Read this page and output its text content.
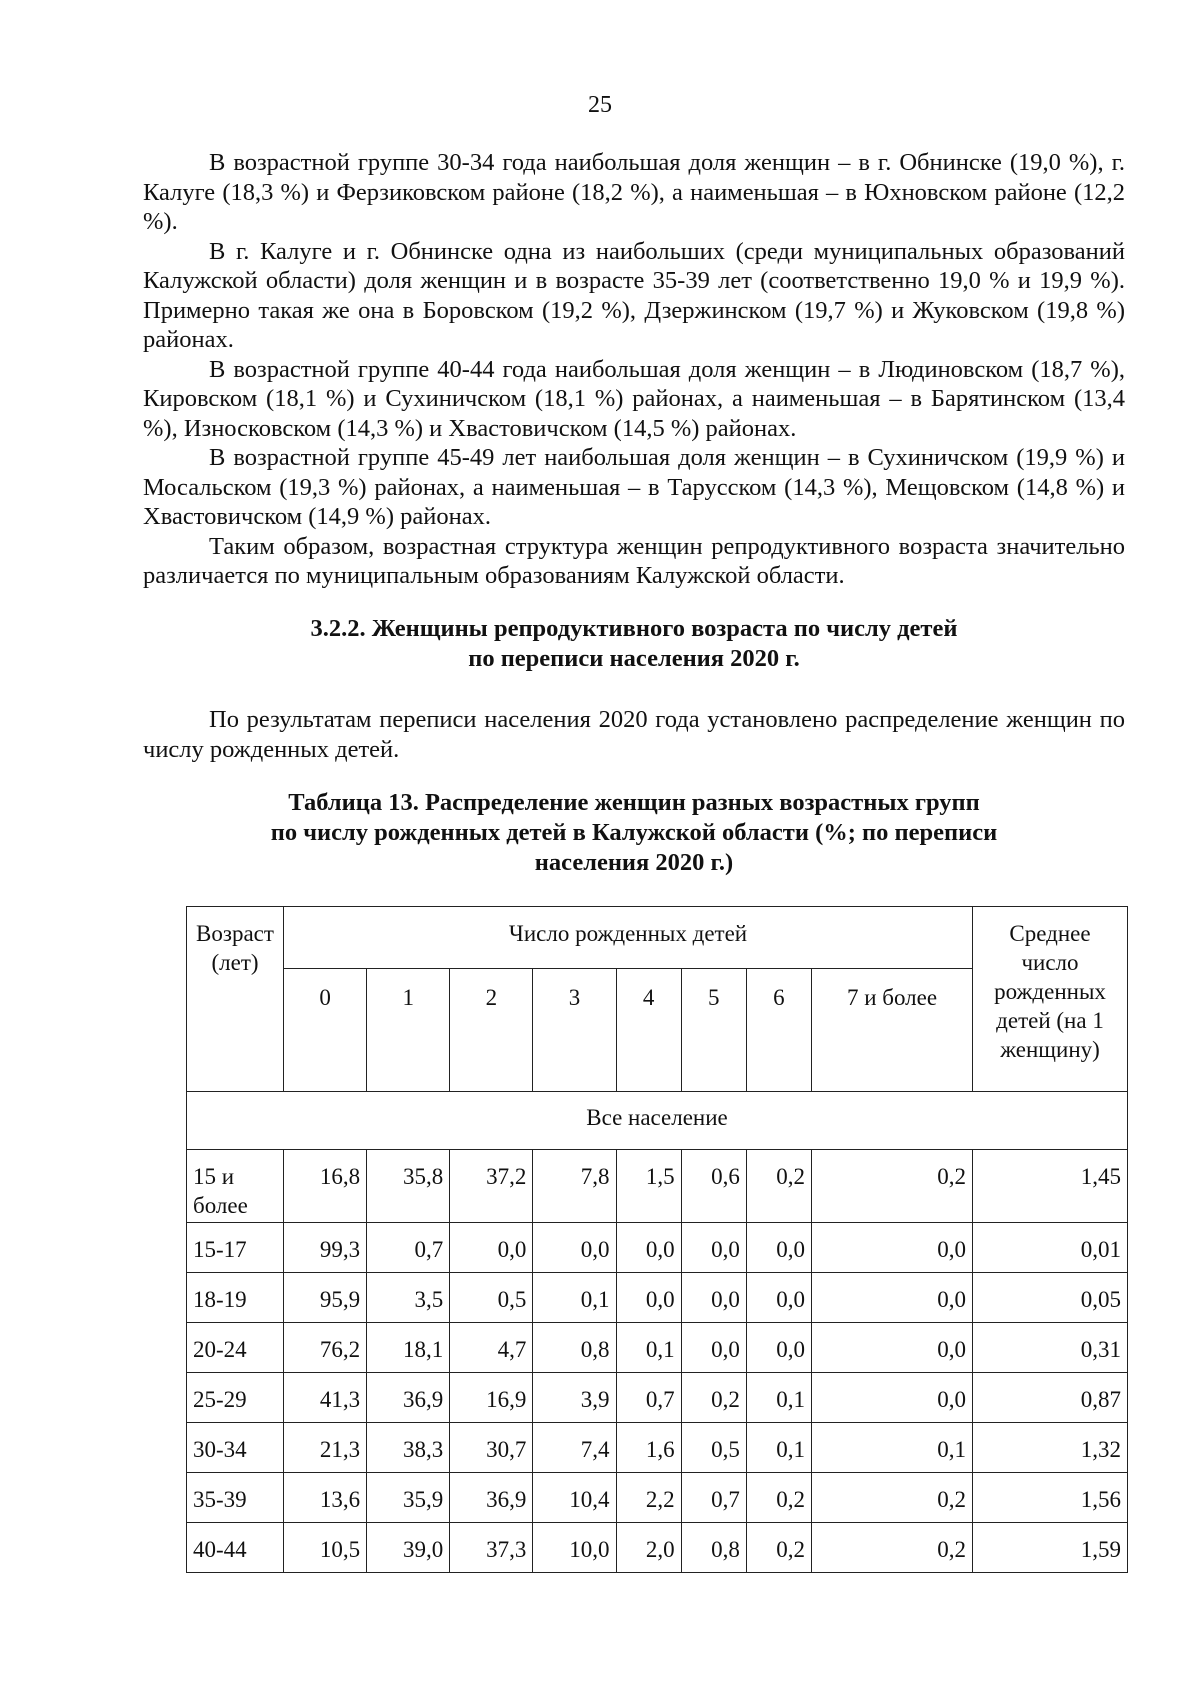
25

В возрастной группе 30-34 года наибольшая доля женщин – в г. Обнинске (19,0 %), г. Калуге (18,3 %) и Ферзиковском районе (18,2 %), а наименьшая – в Юхновском районе (12,2 %).

В г. Калуге и г. Обнинске одна из наибольших (среди муниципальных образований Калужской области) доля женщин и в возрасте 35-39 лет (соответственно 19,0 % и 19,9 %). Примерно такая же она в Боровском (19,2 %), Дзержинском (19,7 %) и Жуковском (19,8 %) районах.

В возрастной группе 40-44 года наибольшая доля женщин – в Людиновском (18,7 %), Кировском (18,1 %) и Сухиничском (18,1 %) районах, а наименьшая – в Барятинском (13,4 %), Износковском (14,3 %) и Хвастовичском (14,5 %) районах.

В возрастной группе 45-49 лет наибольшая доля женщин – в Сухиничском (19,9 %) и Мосальском (19,3 %) районах, а наименьшая – в Тарусском (14,3 %), Мещовском (14,8 %) и Хвастовичском (14,9 %) районах.

Таким образом, возрастная структура женщин репродуктивного возраста значительно различается по муниципальным образованиям Калужской области.

3.2.2. Женщины репродуктивного возраста по числу детей
по переписи населения 2020 г.

По результатам переписи населения 2020 года установлено распределение женщин по числу рожденных детей.

Таблица 13. Распределение женщин разных возрастных групп
по числу рожденных детей в Калужской области (%; по переписи
населения 2020 г.)
Возраст (лет)	Число рожденных детей								Среднее число рожденных детей (на 1 женщину)
	0	1	2	3	4	5	6	7 и более	
Все население									
15 и более	16,8	35,8	37,2	7,8	1,5	0,6	0,2	0,2	1,45
15-17	99,3	0,7	0,0	0,0	0,0	0,0	0,0	0,0	0,01
18-19	95,9	3,5	0,5	0,1	0,0	0,0	0,0	0,0	0,05
20-24	76,2	18,1	4,7	0,8	0,1	0,0	0,0	0,0	0,31
25-29	41,3	36,9	16,9	3,9	0,7	0,2	0,1	0,0	0,87
30-34	21,3	38,3	30,7	7,4	1,6	0,5	0,1	0,1	1,32
35-39	13,6	35,9	36,9	10,4	2,2	0,7	0,2	0,2	1,56
40-44	10,5	39,0	37,3	10,0	2,0	0,8	0,2	0,2	1,59
